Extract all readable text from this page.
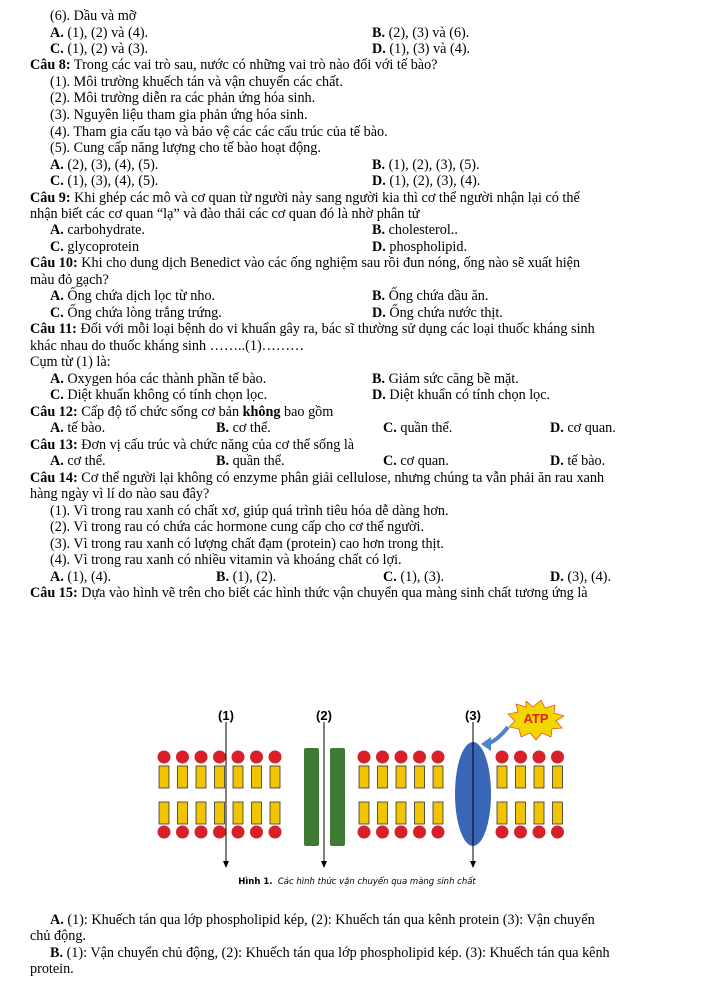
(6). Dầu và mỡ
A. (1), (2) và (4).	B. (2), (3) và (6).
C. (1), (2) và (3).	D. (1), (3) và (4).
Câu 8: Trong các vai trò sau, nước có những vai trò nào đối với tế bào?
(1). Môi trường khuếch tán và vận chuyển các chất.
(2). Môi trường diễn ra các phản ứng hóa sinh.
(3). Nguyên liệu tham gia phản ứng hóa sinh.
(4). Tham gia cấu tạo và bảo vệ các các cấu trúc của tế bào.
(5). Cung cấp năng lượng cho tế bào hoạt động.
A. (2), (3), (4), (5).	B. (1), (2), (3), (5).
C. (1), (3), (4), (5).	D. (1), (2), (3), (4).
Câu 9: Khi ghép các mô và cơ quan từ người này sang người kia thì cơ thể người nhận lại có thể
nhận biết các cơ quan “lạ” và đào thải các cơ quan đó là nhờ phân tử
A. carbohydrate.	B. cholesterol..
C. glycoprotein	D. phospholipid.
Câu 10: Khi cho dung dịch Benedict vào các ống nghiệm sau rồi đun nóng, ống nào sẽ xuất hiện
màu đỏ gạch?
A. Ống chứa dịch lọc từ nho.	B. Ống chứa dầu ăn.
C. Ống chứa lòng trắng trứng.	D. Ống chứa nước thịt.
Câu 11: Đối với mỗi loại bệnh do vi khuẩn gây ra, bác sĩ thường sử dụng các loại thuốc kháng sinh
khác nhau do thuốc kháng sinh ……..(1)………
Cụm từ (1) là:
A. Oxygen hóa các thành phần tế bào.	B. Giảm sức căng bề mặt.
C. Diệt khuẩn không có tính chọn lọc.	D. Diệt khuẩn có tính chọn lọc.
Câu 12: Cấp độ tổ chức sống cơ bản không bao gồm
A. tế bào.	B. cơ thể.	C. quần thể.	D. cơ quan.
Câu 13: Đơn vị cấu trúc và chức năng của cơ thể sống là
A. cơ thể.	B. quần thể.	C. cơ quan.	D. tế bào.
Câu 14: Cơ thể người lại không có enzyme phân giải cellulose, nhưng chúng ta vẫn phải ăn rau xanh
hàng ngày vì lí do nào sau đây?
(1). Vì trong rau xanh có chất xơ, giúp quá trình tiêu hóa dễ dàng hơn.
(2). Vì trong rau có chứa các hormone cung cấp cho cơ thể người.
(3). Vì trong rau xanh có lượng chất đạm (protein) cao hơn trong thịt.
(4). Vì trong rau xanh có nhiều vitamin và khoáng chất có lợi.
A. (1), (4).	B. (1), (2).	C. (1), (3).	D. (3), (4).
Câu 15: Dựa vào hình vẽ trên cho biết các hình thức vận chuyển qua màng sinh chất tương ứng là
(1)	(2)	(3)	ATP
Hình 1. Các hình thức vận chuyển qua màng sinh chất
A. (1): Khuếch tán qua lớp phospholipid kép, (2): Khuếch tán qua kênh protein (3): Vận chuyển
chủ động.
B. (1): Vận chuyển chủ động, (2): Khuếch tán qua lớp phospholipid kép. (3): Khuếch tán qua kênh
protein.
